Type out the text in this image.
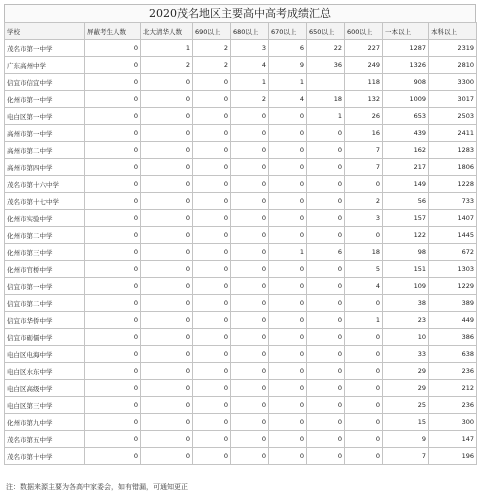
2020茂名地区主要高中高考成绩汇总
学校	屏蔽考生人数	北大清华人数	690以上	680以上	670以上	650以上	600以上	一本以上	本科以上
茂名市第一中学	0	1	2	3	6	22	227	1287	2319
广东高州中学	0	2	2	4	9	36	249	1326	2810
信宜市信宜中学	0	0	0	1	1		118	908	3300
化州市第一中学	0	0	0	2	4	18	132	1009	3017
电白区第一中学	0	0	0	0	0	1	26	653	2503
高州市第一中学	0	0	0	0	0	0	16	439	2411
高州市第二中学	0	0	0	0	0	0	7	162	1283
高州市第四中学	0	0	0	0	0	0	7	217	1806
茂名市第十六中学	0	0	0	0	0	0	0	149	1228
茂名市第十七中学	0	0	0	0	0	0	2	56	733
化州市实验中学	0	0	0	0	0	0	3	157	1407
化州市第二中学	0	0	0	0	0	0	0	122	1445
化州市第三中学	0	0	0	0	1	6	18	98	672
化州市官桥中学	0	0	0	0	0	0	5	151	1303
信宜市第一中学	0	0	0	0	0	0	4	109	1229
信宜市第二中学	0	0	0	0	0	0	0	38	389
信宜市华侨中学	0	0	0	0	0	0	1	23	449
信宜市砺儒中学	0	0	0	0	0	0	0	10	386
电白区电海中学	0	0	0	0	0	0	0	33	638
电白区水东中学	0	0	0	0	0	0	0	29	236
电白区高级中学	0	0	0	0	0	0	0	29	212
电白区第三中学	0	0	0	0	0	0	0	25	236
化州市第九中学	0	0	0	0	0	0	0	15	300
茂名市第五中学	0	0	0	0	0	0	0	9	147
茂名市第十中学	0	0	0	0	0	0	0	7	196
注：数据来源主要为各高中家委会，如有错漏，可通知更正
